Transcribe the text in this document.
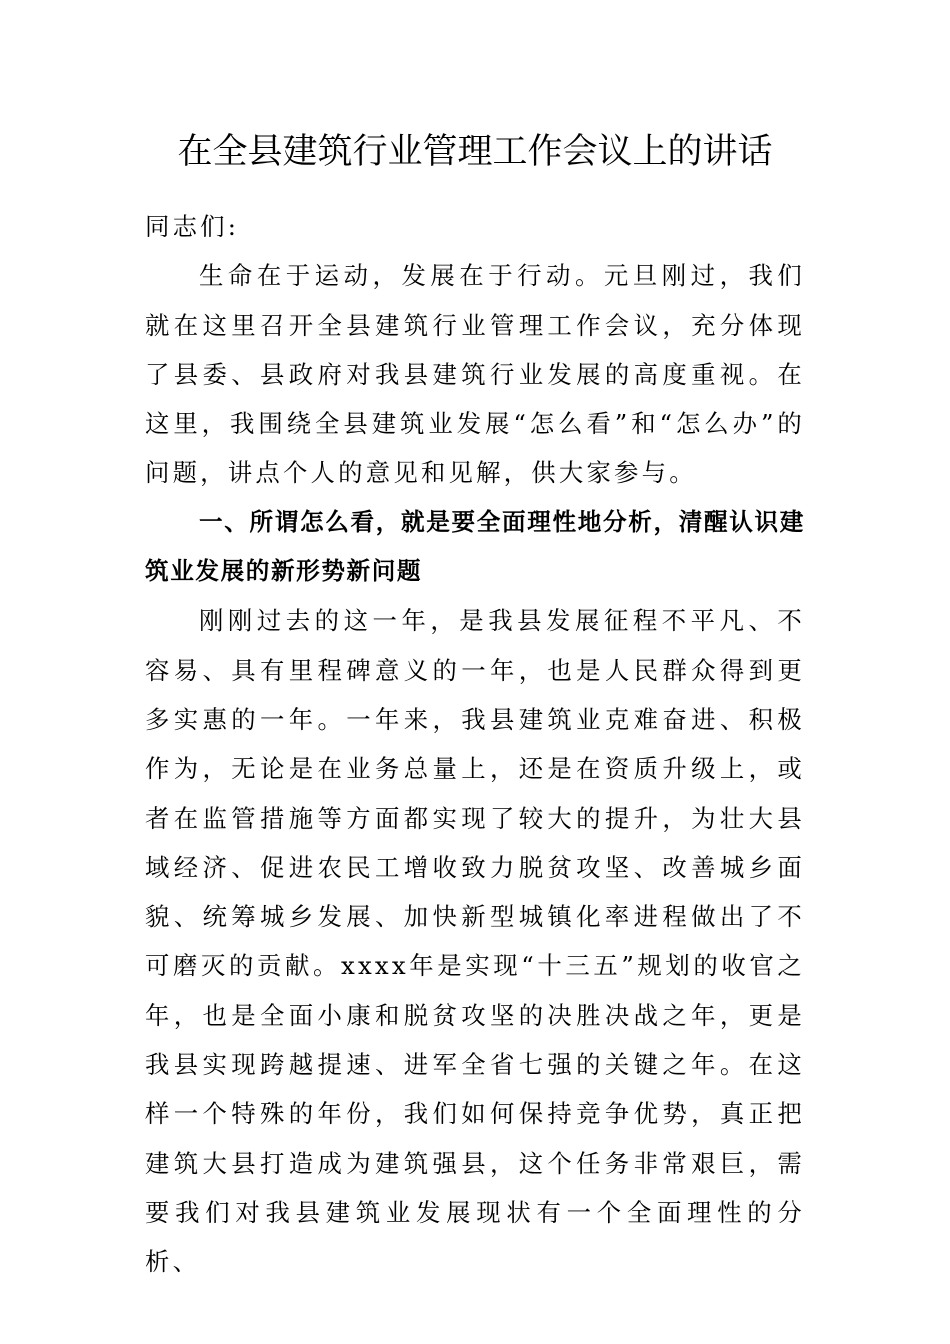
在全县建筑行业管理工作会议上的讲话

同志们:

生命在于运动，发展在于行动。元旦刚过，我们就在这里召开全县建筑行业管理工作会议，充分体现了县委、县政府对我县建筑行业发展的高度重视。在这里，我围绕全县建筑业发展“怎么看”和“怎么办”的问题，讲点个人的意见和见解，供大家参与。

一、所谓怎么看，就是要全面理性地分析，清醒认识建筑业发展的新形势新问题

刚刚过去的这一年，是我县发展征程不平凡、不容易、具有里程碑意义的一年，也是人民群众得到更多实惠的一年。一年来，我县建筑业克难奋进、积极作为，无论是在业务总量上，还是在资质升级上，或者在监管措施等方面都实现了较大的提升，为壮大县域经济、促进农民工增收致力脱贫攻坚、改善城乡面貌、统筹城乡发展、加快新型城镇化率进程做出了不可磨灭的贡献。xxxx年是实现“十三五”规划的收官之年，也是全面小康和脱贫攻坚的决胜决战之年，更是我县实现跨越提速、进军全省七强的关键之年。在这样一个特殊的年份，我们如何保持竞争优势，真正把建筑大县打造成为建筑强县，这个任务非常艰巨，需要我们对我县建筑业发展现状有一个全面理性的分析、
